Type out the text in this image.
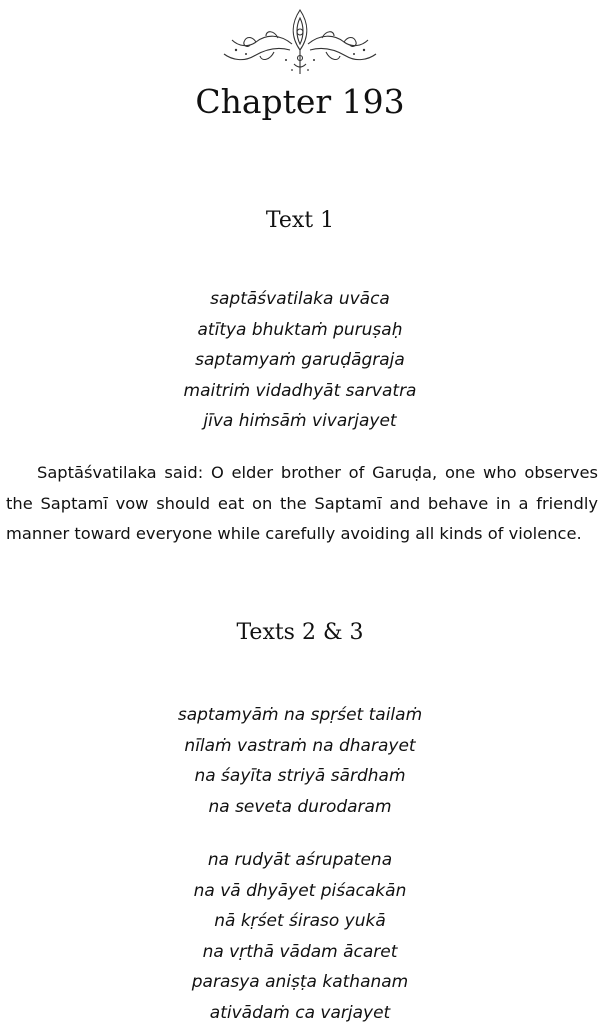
Chapter 193
Text 1
saptāśvatilaka uvāca
atītya bhuktaṁ puruṣaḥ
saptamyaṁ garuḍāgraja
maitriṁ vidadhyāt sarvatra
jīva hiṁsāṁ vivarjayet

Saptāśvatilaka said: O elder brother of Garuḍa, one who observes the Saptamī vow should eat on the Saptamī and behave in a friendly manner toward everyone while carefully avoiding all kinds of violence.

Texts 2 & 3
saptamyāṁ na spṛśet tailaṁ
nīlaṁ vastraṁ na dharayet
na śayīta striyā sārdhaṁ
na seveta durodaram
na rudyāt aśrupatena
na vā dhyāyet piśacakān
nā kṛśet śiraso yukā
na vṛthā vādam ācaret
parasya aniṣṭa kathanam
ativādaṁ ca varjayet
